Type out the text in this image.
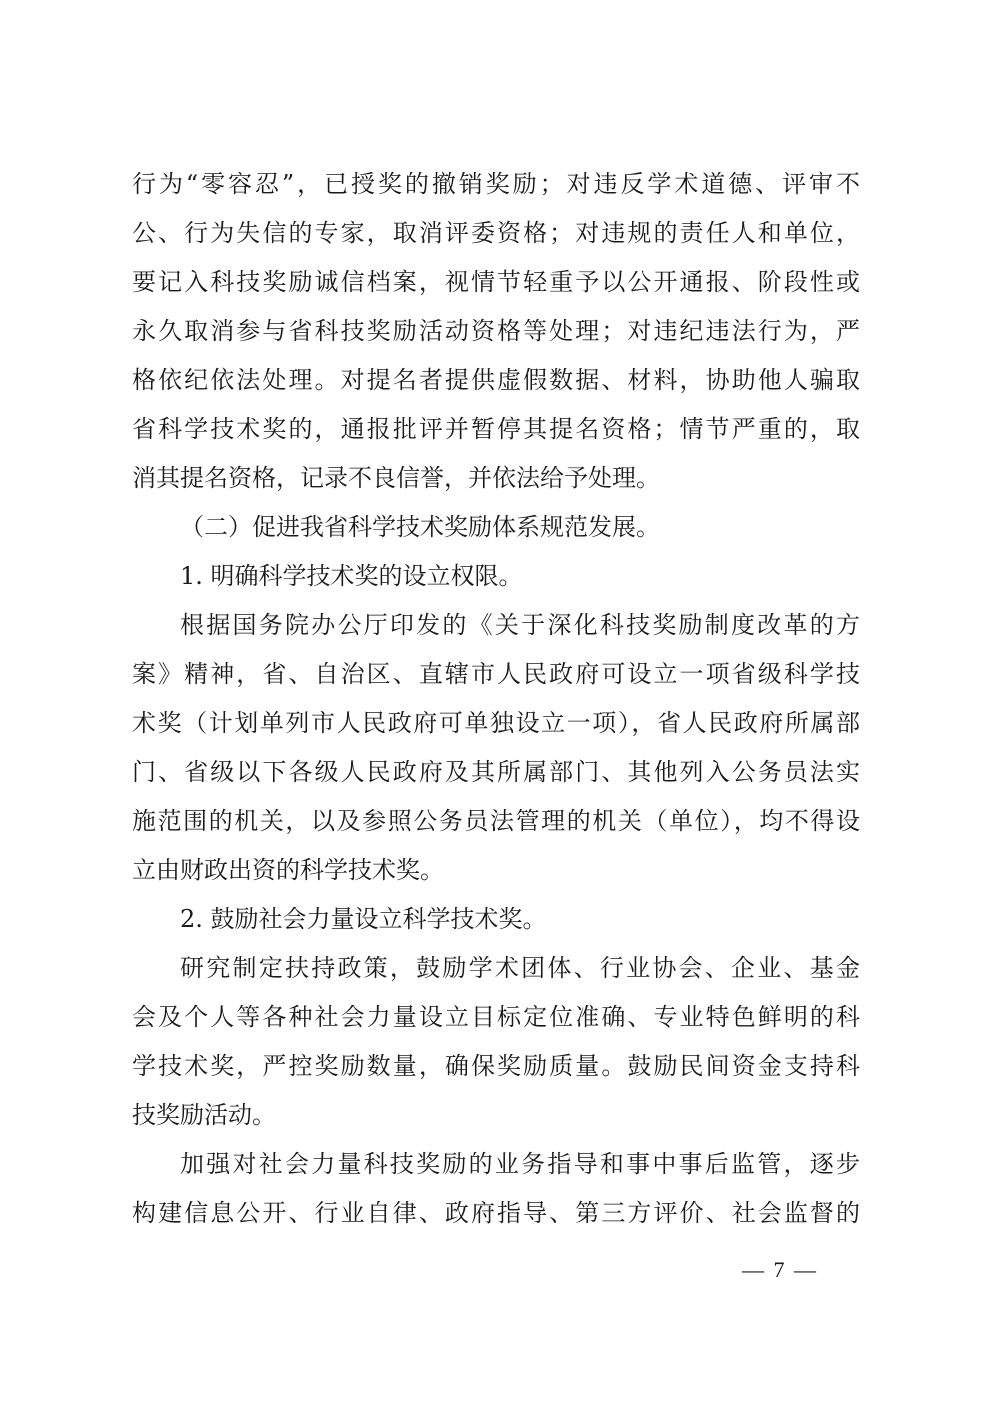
行为“零容忍”，已授奖的撤销奖励；对违反学术道德、评审不
公、行为失信的专家，取消评委资格；对违规的责任人和单位，
要记入科技奖励诚信档案，视情节轻重予以公开通报、阶段性或
永久取消参与省科技奖励活动资格等处理；对违纪违法行为，严
格依纪依法处理。对提名者提供虚假数据、材料，协助他人骗取
省科学技术奖的，通报批评并暂停其提名资格；情节严重的，取
消其提名资格，记录不良信誉，并依法给予处理。
（二）促进我省科学技术奖励体系规范发展。
1. 明确科学技术奖的设立权限。
根据国务院办公厅印发的《关于深化科技奖励制度改革的方
案》精神，省、自治区、直辖市人民政府可设立一项省级科学技
术奖（计划单列市人民政府可单独设立一项），省人民政府所属部
门、省级以下各级人民政府及其所属部门、其他列入公务员法实
施范围的机关，以及参照公务员法管理的机关（单位），均不得设
立由财政出资的科学技术奖。
2. 鼓励社会力量设立科学技术奖。
研究制定扶持政策，鼓励学术团体、行业协会、企业、基金
会及个人等各种社会力量设立目标定位准确、专业特色鲜明的科
学技术奖，严控奖励数量，确保奖励质量。鼓励民间资金支持科
技奖励活动。
加强对社会力量科技奖励的业务指导和事中事后监管，逐步
构建信息公开、行业自律、政府指导、第三方评价、社会监督的
— 7 —
